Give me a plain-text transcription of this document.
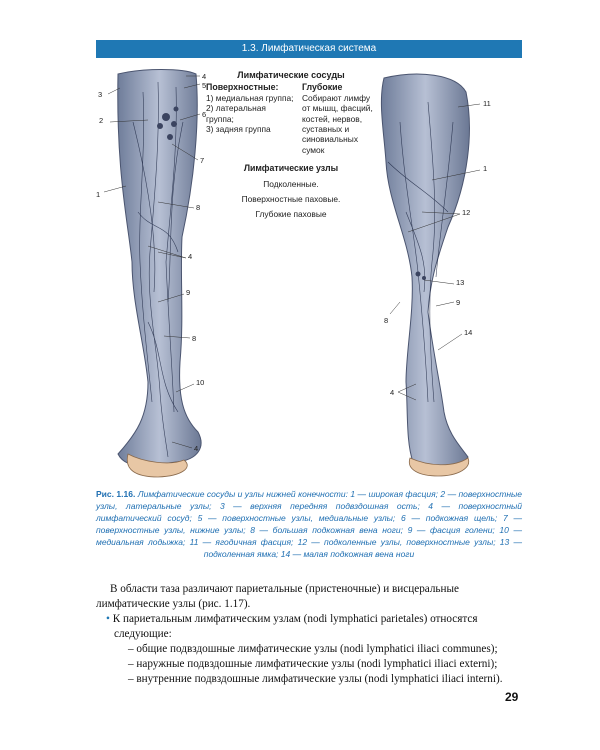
1.3. Лимфатическая система
4
3
5
2
6
7
1
8
4
9
8
10
4
11
1
12
13
9
8
14
4
Лимфатические сосуды
Поверхностные:
1) медиальная группа;
2) латеральная группа;
3) задняя группа
Глубокие
Собирают лимфу от мышц, фасций, костей, нервов, суставных и синовиальных сумок
Лимфатические узлы
Подколенные.
Поверхностные паховые.
Глубокие паховые
Рис. 1.16. Лимфатические сосуды и узлы нижней конечности: 1 — широкая фасция; 2 — поверхностные узлы, латеральные узлы; 3 — верхняя передняя подвздошная ость; 4 — поверхностный лимфатический сосуд; 5 — поверхностные узлы, медиальные узлы; 6 — подкожная щель; 7 — поверхностные узлы, нижние узлы; 8 — большая подкожная вена ноги; 9 — фасция голени; 10 — медиальная лодыжка; 11 — ягодичная фасция; 12 — подколенные узлы, поверхностные узлы; 13 — подколенная ямка; 14 — малая подкожная вена ноги

В области таза различают париетальные (пристеночные) и висцеральные лимфатические узлы (рис. 1.17).

• К париетальным лимфатическим узлам (nodi lymphatici parietales) относятся следующие:

– общие подвздошные лимфатические узлы (nodi lymphatici iliaci communes);

– наружные подвздошные лимфатические узлы (nodi lymphatici iliaci externi);

– внутренние подвздошные лимфатические узлы (nodi lymphatici iliaci interni).

29
